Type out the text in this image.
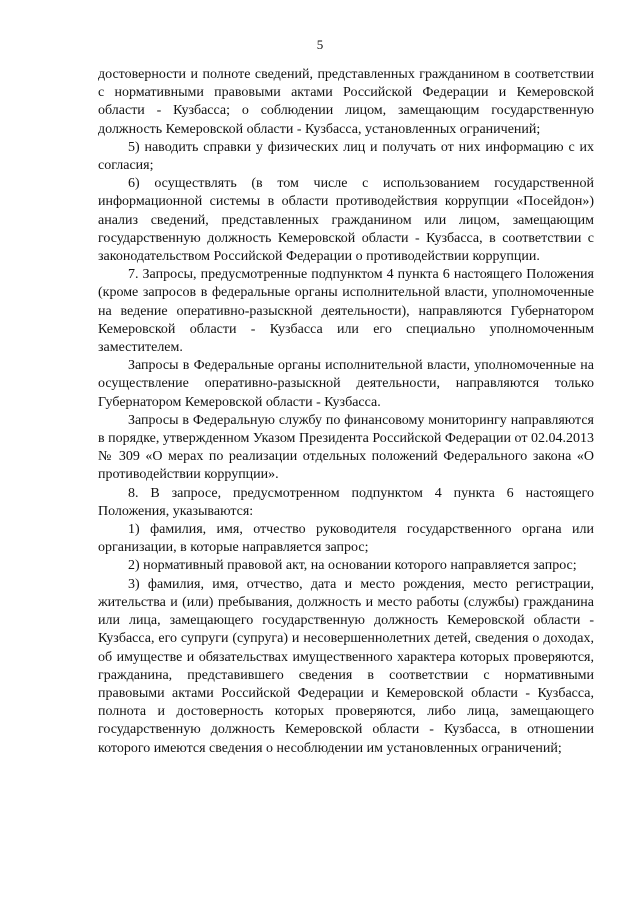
5

достоверности и полноте сведений, представленных гражданином в соответствии с нормативными правовыми актами Российской Федерации и Кемеровской области - Кузбасса; о соблюдении лицом, замещающим государственную должность Кемеровской области - Кузбасса, установленных ограничений;

5) наводить справки у физических лиц и получать от них информацию с их согласия;

6) осуществлять (в том числе с использованием государственной информационной системы в области противодействия коррупции «Посейдон») анализ сведений, представленных гражданином или лицом, замещающим государственную должность Кемеровской области - Кузбасса, в соответствии с законодательством Российской Федерации о противодействии коррупции.

7. Запросы, предусмотренные подпунктом 4 пункта 6 настоящего Положения (кроме запросов в федеральные органы исполнительной власти, уполномоченные на ведение оперативно-разыскной деятельности), направляются Губернатором Кемеровской области - Кузбасса или его специально уполномоченным заместителем.

Запросы в Федеральные органы исполнительной власти, уполномоченные на осуществление оперативно-разыскной деятельности, направляются только Губернатором Кемеровской области - Кузбасса.

Запросы в Федеральную службу по финансовому мониторингу направляются в порядке, утвержденном Указом Президента Российской Федерации от 02.04.2013 № 309 «О мерах по реализации отдельных положений Федерального закона «О противодействии коррупции».

8. В запросе, предусмотренном подпунктом 4 пункта 6 настоящего Положения, указываются:

1) фамилия, имя, отчество руководителя государственного органа или организации, в которые направляется запрос;

2) нормативный правовой акт, на основании которого направляется запрос;

3) фамилия, имя, отчество, дата и место рождения, место регистрации, жительства и (или) пребывания, должность и место работы (службы) гражданина или лица, замещающего государственную должность Кемеровской области - Кузбасса, его супруги (супруга) и несовершеннолетних детей, сведения о доходах, об имуществе и обязательствах имущественного характера которых проверяются, гражданина, представившего сведения в соответствии с нормативными правовыми актами Российской Федерации и Кемеровской области - Кузбасса, полнота и достоверность которых проверяются, либо лица, замещающего государственную должность Кемеровской области - Кузбасса, в отношении которого имеются сведения о несоблюдении им установленных ограничений;
